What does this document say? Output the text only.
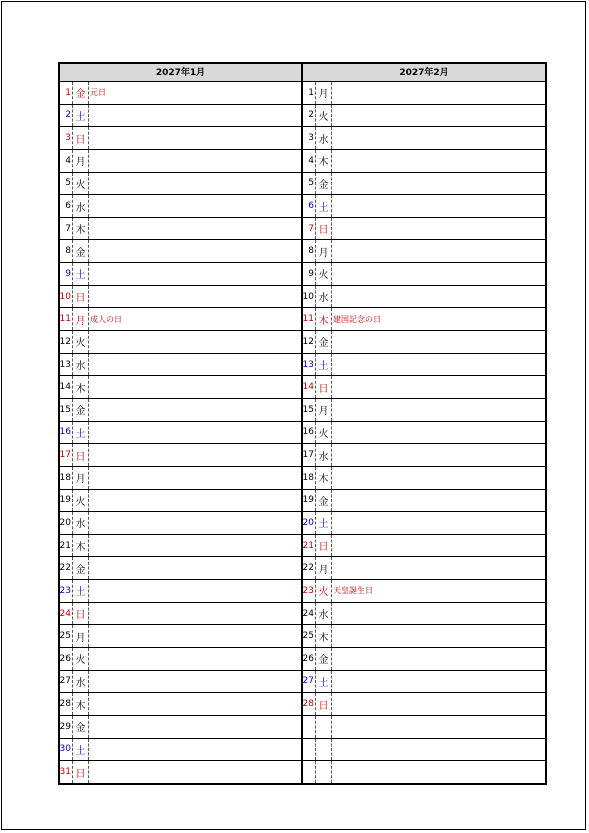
2027年1月
1 金 元日
2 土
3 日
4 月
5 火
6 水
7 木
8 金
9 土
10 日
11 月 成人の日
12 火
13 水
14 木
15 金
16 土
17 日
18 月
19 火
20 水
21 木
22 金
23 土
24 日
25 月
26 火
27 水
28 木
29 金
30 土
31 日
2027年2月
1 月
2 火
3 水
4 木
5 金
6 土
7 日
8 月
9 火
10 水
11 木 建国記念の日
12 金
13 土
14 日
15 月
16 火
17 水
18 木
19 金
20 土
21 日
22 月
23 火 天皇誕生日
24 水
25 木
26 金
27 土
28 日
